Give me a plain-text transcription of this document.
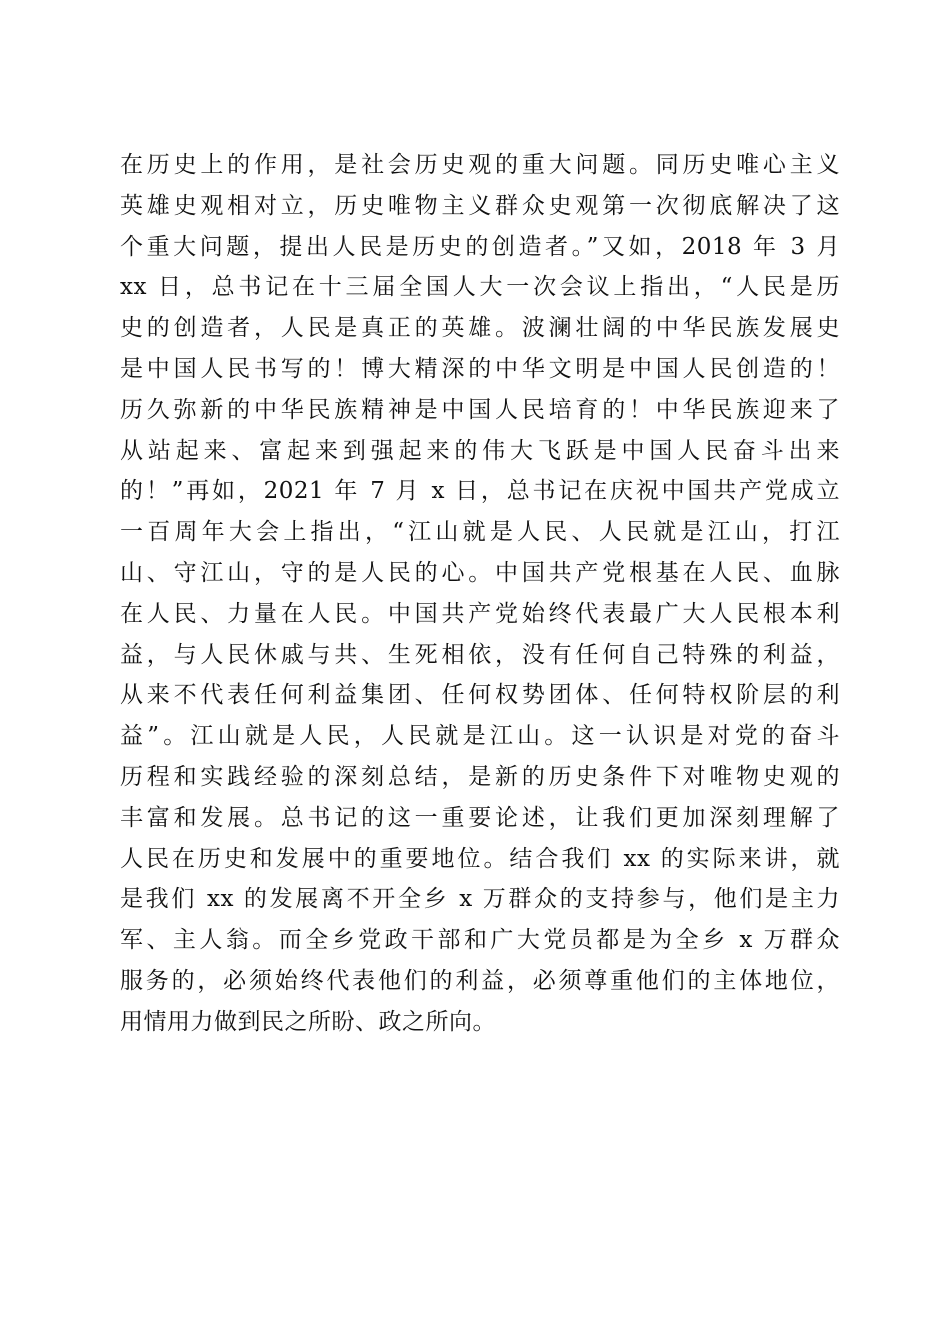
在历史上的作用，是社会历史观的重大问题。同历史唯心主义
英雄史观相对立，历史唯物主义群众史观第一次彻底解决了这
个重大问题，提出人民是历史的创造者。”又如，2018 年 3 月
xx 日，总书记在十三届全国人大一次会议上指出，“人民是历
史的创造者，人民是真正的英雄。波澜壮阔的中华民族发展史
是中国人民书写的！博大精深的中华文明是中国人民创造的！
历久弥新的中华民族精神是中国人民培育的！中华民族迎来了
从站起来、富起来到强起来的伟大飞跃是中国人民奋斗出来
的！”再如，2021 年 7 月 x 日，总书记在庆祝中国共产党成立
一百周年大会上指出，“江山就是人民、人民就是江山，打江
山、守江山，守的是人民的心。中国共产党根基在人民、血脉
在人民、力量在人民。中国共产党始终代表最广大人民根本利
益，与人民休戚与共、生死相依，没有任何自己特殊的利益，
从来不代表任何利益集团、任何权势团体、任何特权阶层的利
益”。江山就是人民，人民就是江山。这一认识是对党的奋斗
历程和实践经验的深刻总结，是新的历史条件下对唯物史观的
丰富和发展。总书记的这一重要论述，让我们更加深刻理解了
人民在历史和发展中的重要地位。结合我们 xx 的实际来讲，就
是我们 xx 的发展离不开全乡 x 万群众的支持参与，他们是主力
军、主人翁。而全乡党政干部和广大党员都是为全乡 x 万群众
服务的，必须始终代表他们的利益，必须尊重他们的主体地位，
用情用力做到民之所盼、政之所向。
